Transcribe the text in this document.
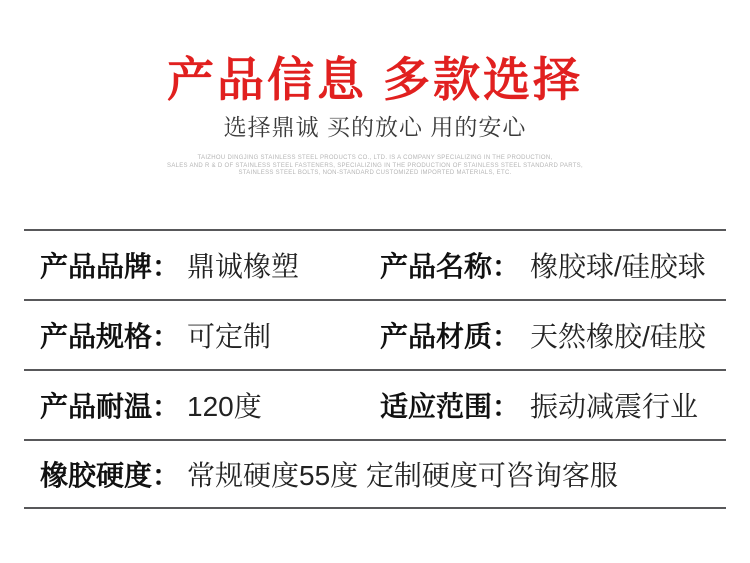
产品信息 多款选择
选择鼎诚 买的放心 用的安心
TAIZHOU DINGJING STAINLESS STEEL PRODUCTS CO., LTD. IS A COMPANY SPECIALIZING IN THE PRODUCTION,
SALES AND R & D OF STAINLESS STEEL FASTENERS, SPECIALIZING IN THE PRODUCTION OF STAINLESS STEEL STANDARD PARTS,
STAINLESS STEEL BOLTS, NON-STANDARD CUSTOMIZED IMPORTED MATERIALS, ETC.
产品品牌： 鼎诚橡塑	产品名称： 橡胶球/硅胶球
产品规格： 可定制	产品材质： 天然橡胶/硅胶
产品耐温： 120度	适应范围： 振动减震行业
橡胶硬度： 常规硬度55度 定制硬度可咨询客服
